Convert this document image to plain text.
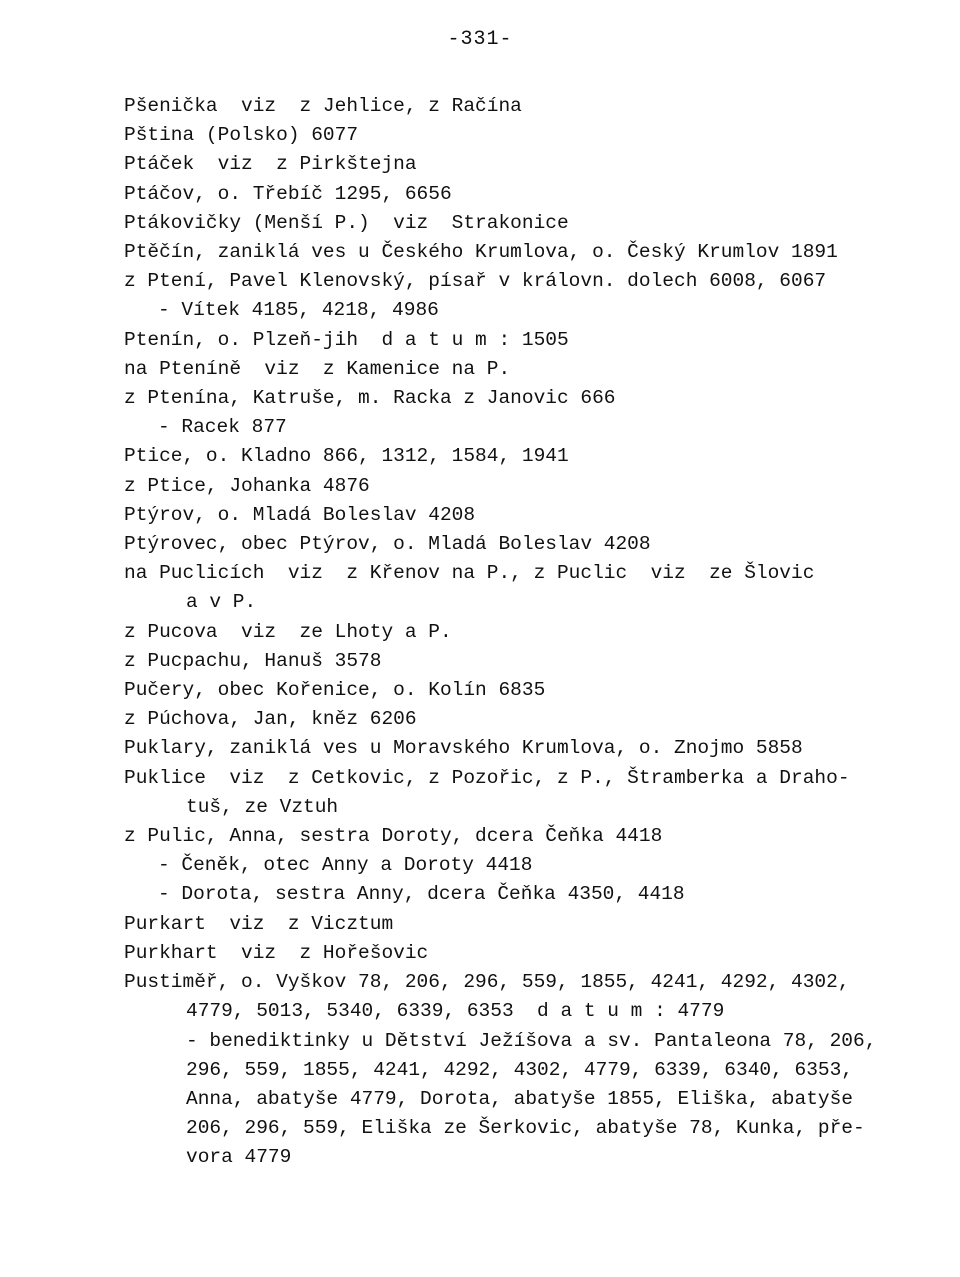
-331-
Pšenička  viz  z Jehlice, z Račína
Pština (Polsko) 6077
Ptáček  viz  z Pirkštejna
Ptáčov, o. Třebíč 1295, 6656
Ptákovičky (Menší P.)  viz  Strakonice
Ptěčín, zaniklá ves u Českého Krumlova, o. Český Krumlov 1891
z Ptení, Pavel Klenovský, písař v královn. dolech 6008, 6067
- Vítek 4185, 4218, 4986
Ptenín, o. Plzeň-jih  d a t u m : 1505
na Pteníně  viz  z Kamenice na P.
z Ptenína, Katruše, m. Racka z Janovic 666
- Racek 877
Ptice, o. Kladno 866, 1312, 1584, 1941
z Ptice, Johanka 4876
Ptýrov, o. Mladá Boleslav 4208
Ptýrovec, obec Ptýrov, o. Mladá Boleslav 4208
na Puclicích  viz  z Křenov na P., z Puclic  viz  ze Šlovic
a v P.
z Pucova  viz  ze Lhoty a P.
z Pucpachu, Hanuš 3578
Pučery, obec Kořenice, o. Kolín 6835
z Púchova, Jan, kněz 6206
Puklary, zaniklá ves u Moravského Krumlova, o. Znojmo 5858
Puklice  viz  z Cetkovic, z Pozořic, z P., Štramberka a Draho-
tuš, ze Vztuh
z Pulic, Anna, sestra Doroty, dcera Čeňka 4418
- Čeněk, otec Anny a Doroty 4418
- Dorota, sestra Anny, dcera Čeňka 4350, 4418
Purkart  viz  z Vicztum
Purkhart  viz  z Hořešovic
Pustiměř, o. Vyškov 78, 206, 296, 559, 1855, 4241, 4292, 4302,
4779, 5013, 5340, 6339, 6353  d a t u m : 4779
- benediktinky u Dětství Ježíšova a sv. Pantaleona 78, 206,
296, 559, 1855, 4241, 4292, 4302, 4779, 6339, 6340, 6353,
Anna, abatyše 4779, Dorota, abatyše 1855, Eliška, abatyše
206, 296, 559, Eliška ze Šerkovic, abatyše 78, Kunka, pře-
vora 4779
